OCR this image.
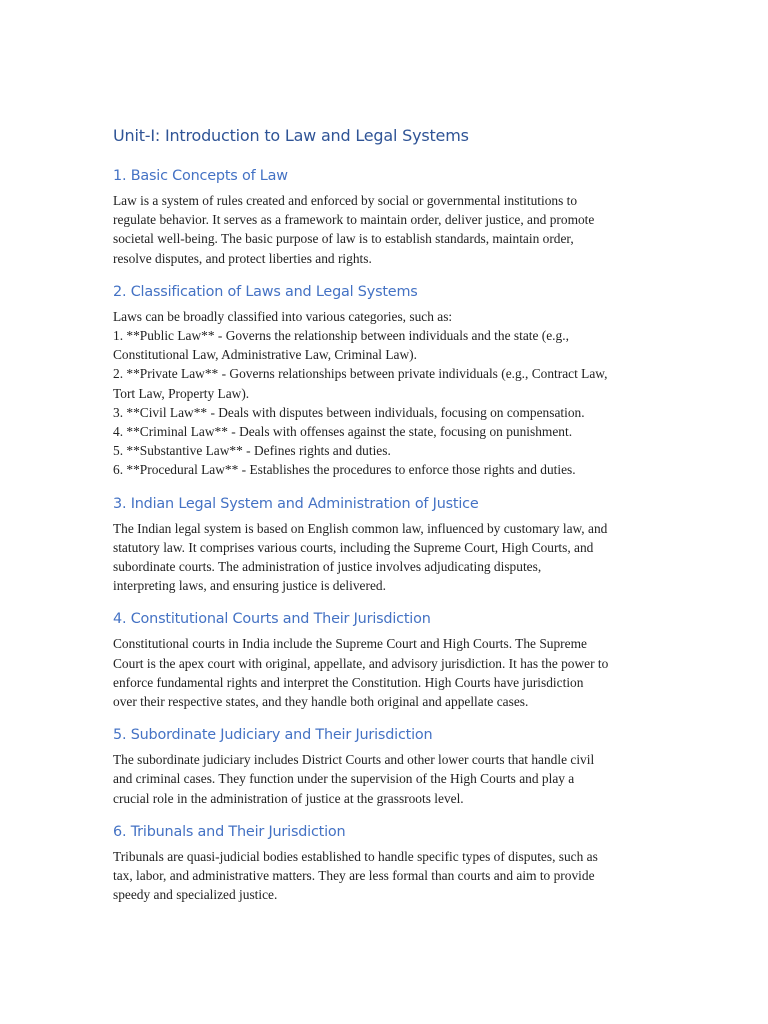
Unit-I: Introduction to Law and Legal Systems
1. Basic Concepts of Law

Law is a system of rules created and enforced by social or governmental institutions to
regulate behavior. It serves as a framework to maintain order, deliver justice, and promote
societal well-being. The basic purpose of law is to establish standards, maintain order,
resolve disputes, and protect liberties and rights.

2. Classification of Laws and Legal Systems

Laws can be broadly classified into various categories, such as:
1. **Public Law** - Governs the relationship between individuals and the state (e.g.,
Constitutional Law, Administrative Law, Criminal Law).
2. **Private Law** - Governs relationships between private individuals (e.g., Contract Law,
Tort Law, Property Law).
3. **Civil Law** - Deals with disputes between individuals, focusing on compensation.
4. **Criminal Law** - Deals with offenses against the state, focusing on punishment.
5. **Substantive Law** - Defines rights and duties.
6. **Procedural Law** - Establishes the procedures to enforce those rights and duties.

3. Indian Legal System and Administration of Justice

The Indian legal system is based on English common law, influenced by customary law, and
statutory law. It comprises various courts, including the Supreme Court, High Courts, and
subordinate courts. The administration of justice involves adjudicating disputes,
interpreting laws, and ensuring justice is delivered.

4. Constitutional Courts and Their Jurisdiction

Constitutional courts in India include the Supreme Court and High Courts. The Supreme
Court is the apex court with original, appellate, and advisory jurisdiction. It has the power to
enforce fundamental rights and interpret the Constitution. High Courts have jurisdiction
over their respective states, and they handle both original and appellate cases.

5. Subordinate Judiciary and Their Jurisdiction

The subordinate judiciary includes District Courts and other lower courts that handle civil
and criminal cases. They function under the supervision of the High Courts and play a
crucial role in the administration of justice at the grassroots level.

6. Tribunals and Their Jurisdiction

Tribunals are quasi-judicial bodies established to handle specific types of disputes, such as
tax, labor, and administrative matters. They are less formal than courts and aim to provide
speedy and specialized justice.
